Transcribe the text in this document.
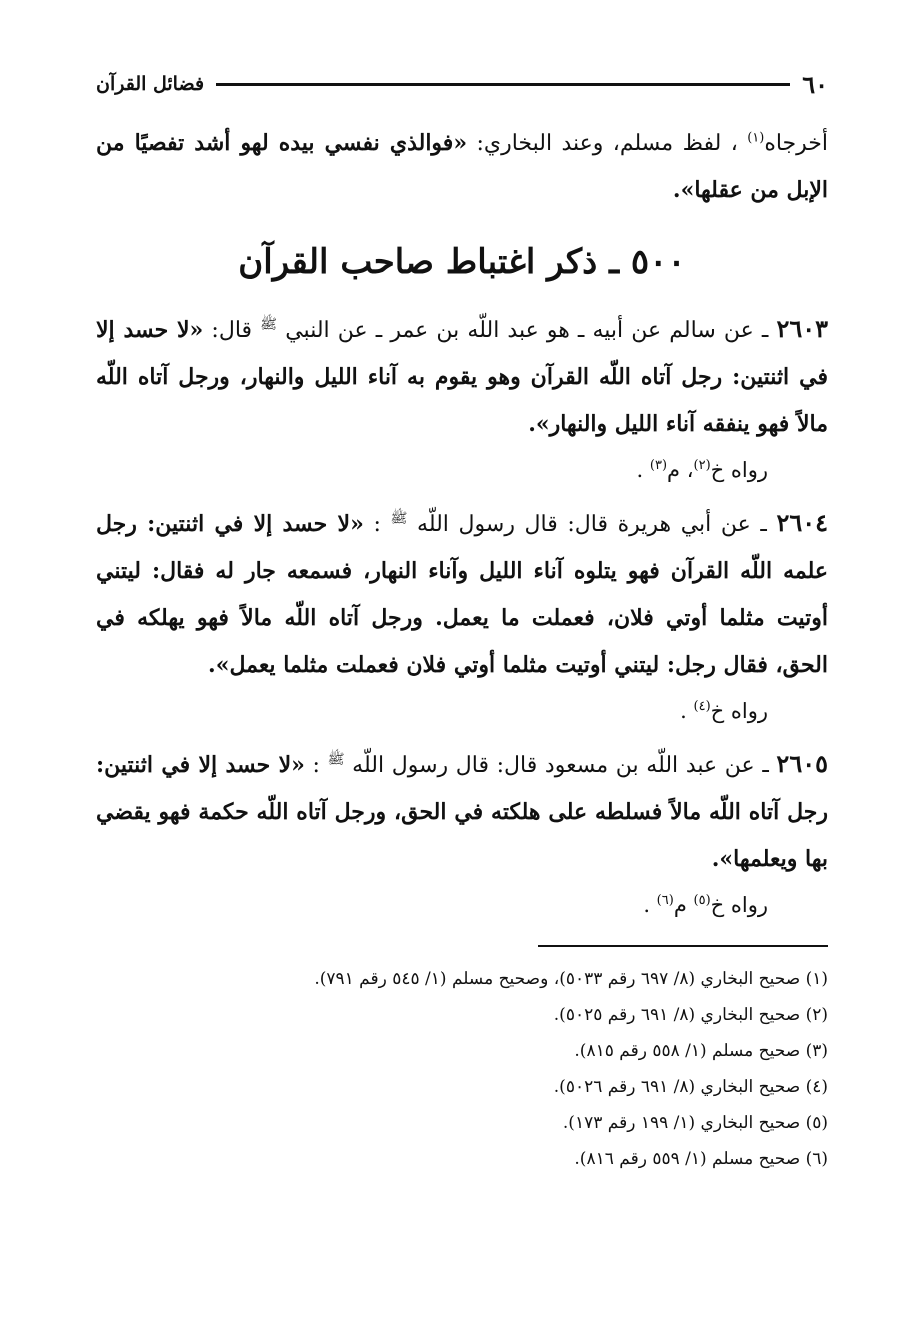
٦٠
فضائل القرآن

أخرجاه$^{(١)}$ ، لفظ مسلم، وعند البخاري: «فوالذي نفسي بيده لهو أشد تفصيًا من الإبل من عقلها».

٥٠٠ ـ ذكر اغتباط صاحب القرآن

٢٦٠٣ ـ عن سالم عن أبيه ـ هو عبد اللّه بن عمر ـ عن النبي $^ﷺ$ قال: «لا حسد إلا في اثنتين: رجل آتاه اللّه القرآن وهو يقوم به آناء الليل والنهار، ورجل آتاه اللّه مالاً فهو ينفقه آناء الليل والنهار».

رواه خ$^{(٢)}$، م$^{(٣)}$ .

٢٦٠٤ ـ عن أبي هريرة قال: قال رسول اللّه $^ﷺ$ : «لا حسد إلا في اثنتين: رجل علمه اللّه القرآن فهو يتلوه آناء الليل وآناء النهار، فسمعه جار له فقال: ليتني أوتيت مثلما أوتي فلان، فعملت ما يعمل. ورجل آتاه اللّه مالاً فهو يهلكه في الحق، فقال رجل: ليتني أوتيت مثلما أوتي فلان فعملت مثلما يعمل».

رواه خ$^{(٤)}$ .

٢٦٠٥ ـ عن عبد اللّه بن مسعود قال: قال رسول اللّه $^ﷺ$ : «لا حسد إلا في اثنتين: رجل آتاه اللّه مالاً فسلطه على هلكته في الحق، ورجل آتاه اللّه حكمة فهو يقضي بها ويعلمها».

رواه خ$^{(٥)}$ م$^{(٦)}$ .

(١) صحيح البخاري (٨/ ٦٩٧ رقم ٥٠٣٣)، وصحيح مسلم (١/ ٥٤٥ رقم ٧٩١).
(٢) صحيح البخاري (٨/ ٦٩١ رقم ٥٠٢٥).
(٣) صحيح مسلم (١/ ٥٥٨ رقم ٨١٥).
(٤) صحيح البخاري (٨/ ٦٩١ رقم ٥٠٢٦).
(٥) صحيح البخاري (١/ ١٩٩ رقم ١٧٣).
(٦) صحيح مسلم (١/ ٥٥٩ رقم ٨١٦).
